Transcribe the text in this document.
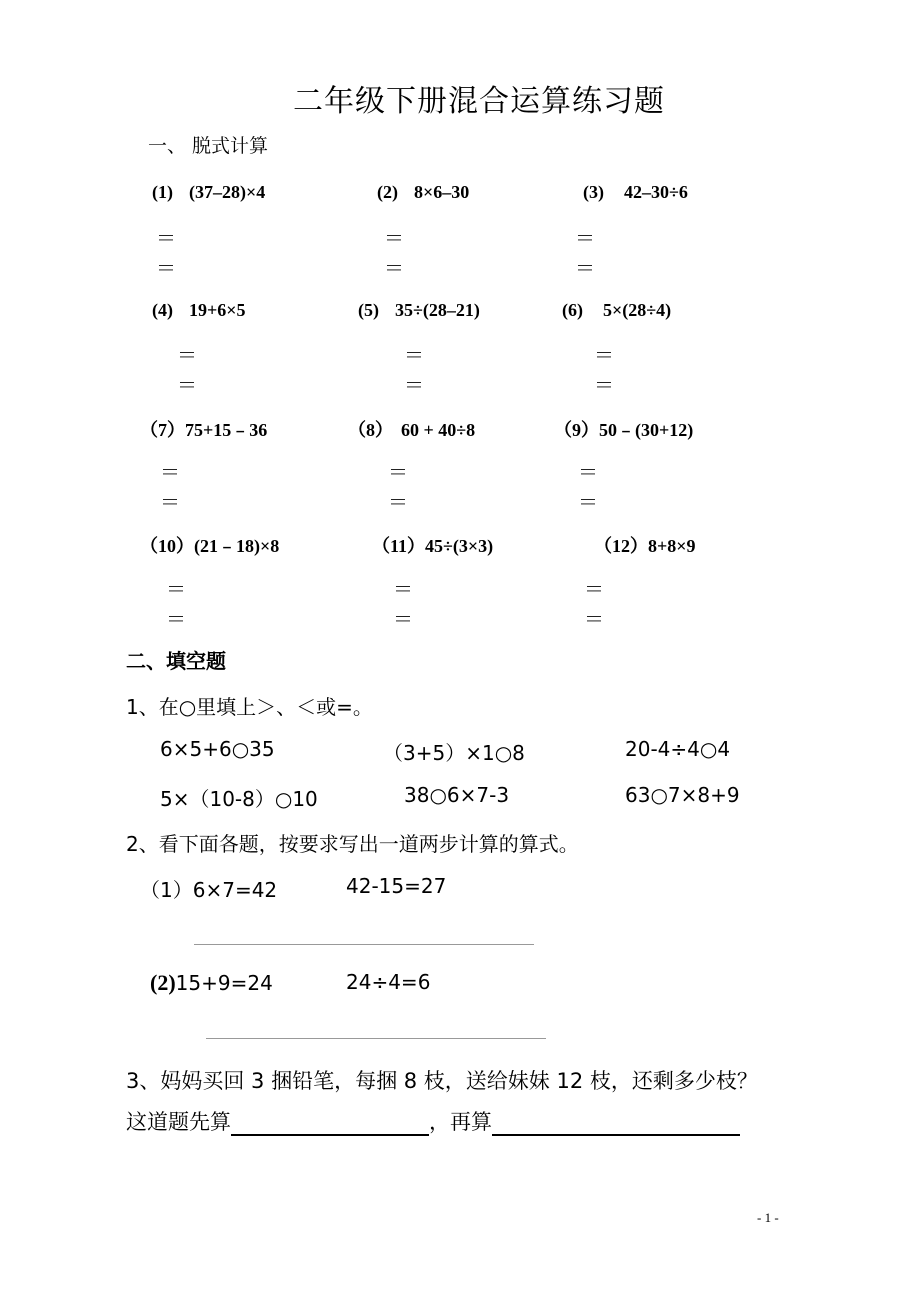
二年级下册混合运算练习题
一、 脱式计算
(1) (37–28)×4	(2) 8×6–30	(3) 42–30÷6
＝
＝
＝
＝
＝
＝
(4) 19+6×5	(5) 35÷(28–21)	(6) 5×(28÷4)
＝
＝
＝
＝
＝
＝
（7）75+15﹣36	（8） 60 + 40÷8	（9）50﹣(30+12)
＝
＝
＝
＝
＝
＝
（10）(21﹣18)×8	（11）45÷(3×3)	（12）8+8×9
＝
＝
＝
＝
＝
＝
二、填空题
1、在○里填上＞、＜或=。
6×5+6○35	（3+5）×1○8	20-4÷4○4
5×（10-8）○10	38○6×7-3	63○7×8+9
2、看下面各题，按要求写出一道两步计算的算式。
（1）6×7=42	42-15=27
(2)15+9=24	24÷4=6
3、妈妈买回 3 捆铅笔，每捆 8 枝，送给妹妹 12 枝，还剩多少枝？
这道题先算	，再算
- 1 -
